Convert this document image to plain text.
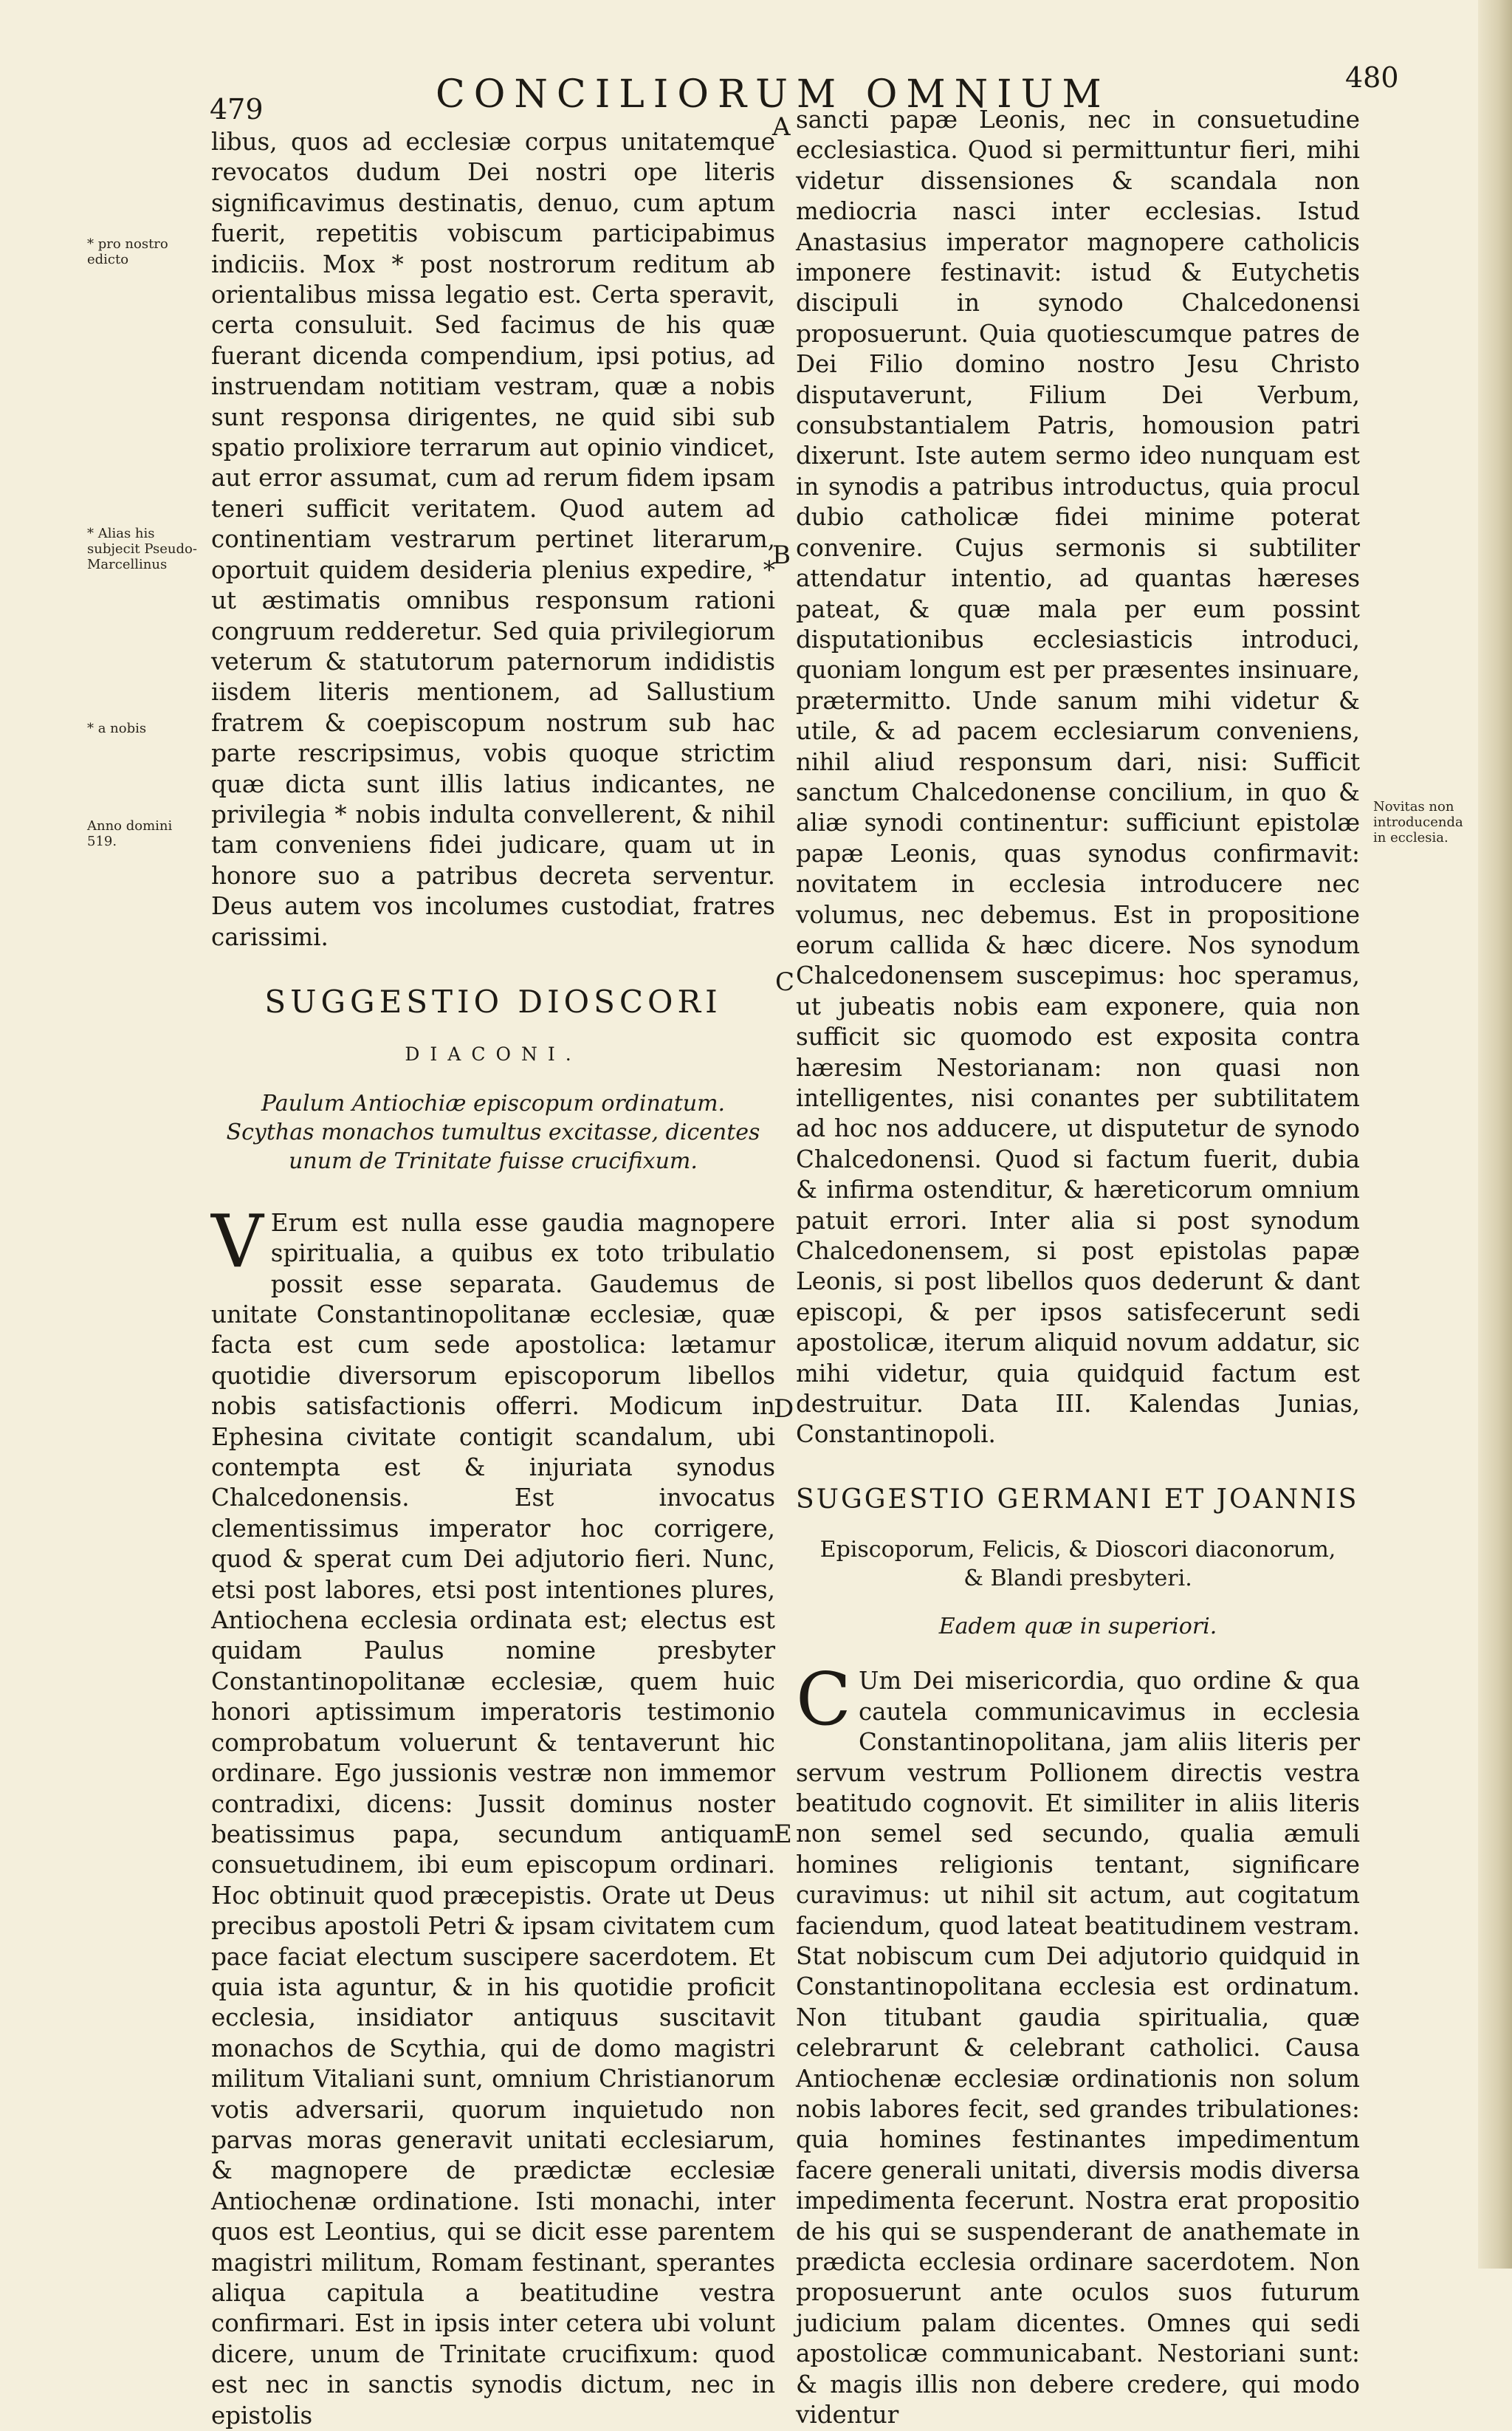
479	CONCILIORUM OMNIUM	480

libus, quos ad ecclesiæ corpus unitatemque revocatos dudum Dei nostri ope literis significavimus destinatis, denuo, cum aptum fuerit, repetitis vobiscum participabimus indiciis. Mox * post nostrorum reditum ab orientalibus missa legatio est. Certa speravit, certa consuluit. Sed facimus de his quæ fuerant dicenda compendium, ipsi potius, ad instruendam notitiam vestram, quæ a nobis sunt responsa dirigentes, ne quid sibi sub spatio prolixiore terrarum aut opinio vindicet, aut error assumat, cum ad rerum fidem ipsam teneri sufficit veritatem. Quod autem ad continentiam vestrarum pertinet literarum, oportuit quidem desideria plenius expedire, * ut æstimatis omnibus responsum rationi congruum redderetur. Sed quia privilegiorum veterum & statutorum paternorum indidistis iisdem literis mentionem, ad Sallustium fratrem & coepiscopum nostrum sub hac parte rescripsimus, vobis quoque strictim quæ dicta sunt illis latius indicantes, ne privilegia * nobis indulta convellerent, & nihil tam conveniens fidei judicare, quam ut in honore suo a patribus decreta serventur. Deus autem vos incolumes custodiat, fratres carissimi.

SUGGESTIO DIOSCORI
DIACONI.
Paulum Antiochiæ episcopum ordinatum. Scythas monachos tumultus excitasse, dicentes unum de Trinitate fuisse crucifixum.

V Erum est nulla esse gaudia magnopere spiritualia, a quibus ex toto tribulatio possit esse separata. Gaudemus de unitate Constantinopolitanæ ecclesiæ, quæ facta est cum sede apostolica: lætamur quotidie diversorum episcoporum libellos nobis satisfactionis offerri. Modicum in Ephesina civitate contigit scandalum, ubi contempta est & injuriata synodus Chalcedonensis. Est invocatus clementissimus imperator hoc corrigere, quod & sperat cum Dei adjutorio fieri. Nunc, etsi post labores, etsi post intentiones plures, Antiochena ecclesia ordinata est; electus est quidam Paulus nomine presbyter Constantinopolitanæ ecclesiæ, quem huic honori aptissimum imperatoris testimonio comprobatum voluerunt & tentaverunt hic ordinare. Ego jussionis vestræ non immemor contradixi, dicens: Jussit dominus noster beatissimus papa, secundum antiquam consuetudinem, ibi eum episcopum ordinari. Hoc obtinuit quod præcepistis. Orate ut Deus precibus apostoli Petri & ipsam civitatem cum pace faciat electum suscipere sacerdotem. Et quia ista aguntur, & in his quotidie proficit ecclesia, insidiator antiquus suscitavit monachos de Scythia, qui de domo magistri militum Vitaliani sunt, omnium Christianorum votis adversarii, quorum inquietudo non parvas moras generavit unitati ecclesiarum, & magnopere de prædictæ ecclesiæ Antiochenæ ordinatione. Isti monachi, inter quos est Leontius, qui se dicit esse parentem magistri militum, Romam festinant, sperantes aliqua capitula a beatitudine vestra confirmari. Est in ipsis inter cetera ubi volunt dicere, unum de Trinitate crucifixum: quod est nec in sanctis synodis dictum, nec in epistolis

sancti papæ Leonis, nec in consuetudine ecclesiastica. Quod si permittuntur fieri, mihi videtur dissensiones & scandala non mediocria nasci inter ecclesias. Istud Anastasius imperator magnopere catholicis imponere festinavit: istud & Eutychetis discipuli in synodo Chalcedonensi proposuerunt. Quia quotiescumque patres de Dei Filio domino nostro Jesu Christo disputaverunt, Filium Dei Verbum, consubstantialem Patris, homousion patri dixerunt. Iste autem sermo ideo nunquam est in synodis a patribus introductus, quia procul dubio catholicæ fidei minime poterat convenire. Cujus sermonis si subtiliter attendatur intentio, ad quantas hæreses pateat, & quæ mala per eum possint disputationibus ecclesiasticis introduci, quoniam longum est per præsentes insinuare, prætermitto. Unde sanum mihi videtur & utile, & ad pacem ecclesiarum conveniens, nihil aliud responsum dari, nisi: Sufficit sanctum Chalcedonense concilium, in quo & aliæ synodi continentur: sufficiunt epistolæ papæ Leonis, quas synodus confirmavit: novitatem in ecclesia introducere nec volumus, nec debemus. Est in propositione eorum callida & hæc dicere. Nos synodum Chalcedonensem suscepimus: hoc speramus, ut jubeatis nobis eam exponere, quia non sufficit sic quomodo est exposita contra hæresim Nestorianam: non quasi non intelligentes, nisi conantes per subtilitatem ad hoc nos adducere, ut disputetur de synodo Chalcedonensi. Quod si factum fuerit, dubia & infirma ostenditur, & hæreticorum omnium patuit errori. Inter alia si post synodum Chalcedonensem, si post epistolas papæ Leonis, si post libellos quos dederunt & dant episcopi, & per ipsos satisfecerunt sedi apostolicæ, iterum aliquid novum addatur, sic mihi videtur, quia quidquid factum est destruitur. Data III. Kalendas Junias, Constantinopoli.

SUGGESTIO GERMANI ET JOANNIS
Episcoporum, Felicis, & Dioscori diaconorum, & Blandi presbyteri.
Eadem quæ in superiori.

C Um Dei misericordia, quo ordine & qua cautela communicavimus in ecclesia Constantinopolitana, jam aliis literis per servum vestrum Pollionem directis vestra beatitudo cognovit. Et similiter in aliis literis non semel sed secundo, qualia æmuli homines religionis tentant, significare curavimus: ut nihil sit actum, aut cogitatum faciendum, quod lateat beatitudinem vestram. Stat nobiscum cum Dei adjutorio quidquid in Constantinopolitana ecclesia est ordinatum. Non titubant gaudia spiritualia, quæ celebrarunt & celebrant catholici. Causa Antiochenæ ecclesiæ ordinationis non solum nobis labores fecit, sed grandes tribulationes: quia homines festinantes impedimentum facere generali unitati, diversis modis diversa impedimenta fecerunt. Nostra erat propositio de his qui se suspenderant de anathemate in prædicta ecclesia ordinare sacerdotem. Non proposuerunt ante oculos suos futurum judicium palam dicentes. Omnes qui sedi apostolicæ communicabant. Nestoriani sunt: & magis illis non debere credere, qui modo videntur

* pro nostro edicto
* Alias his subjecit Pseudo-Marcellinus
* a nobis
Anno domini 519.
Novitas non introducenda in ecclesia.
A
B
C
D
E
